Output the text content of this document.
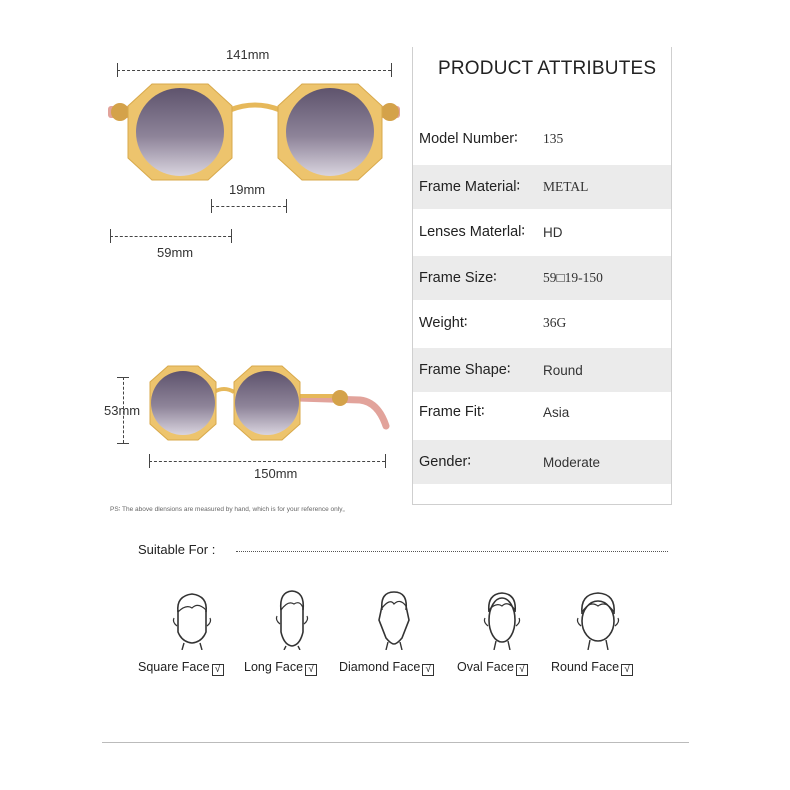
141mm
19mm
59mm
53mm
150mm
PRODUCT ATTRIBUTES
Model Number∶	135
Frame Material∶	METAL
Lenses Materlal∶	HD
Frame Size∶	59□19-150
Weight∶	36G
Frame Shape∶	Round
Frame Fit∶	Asia
Gender∶	Moderate
PS∶ The above dlensions are measured by hand, which is for your reference only。
Suitable For :
Square Face √ Long Face √ Diamond Face √ Oval Face √ Round Face √
